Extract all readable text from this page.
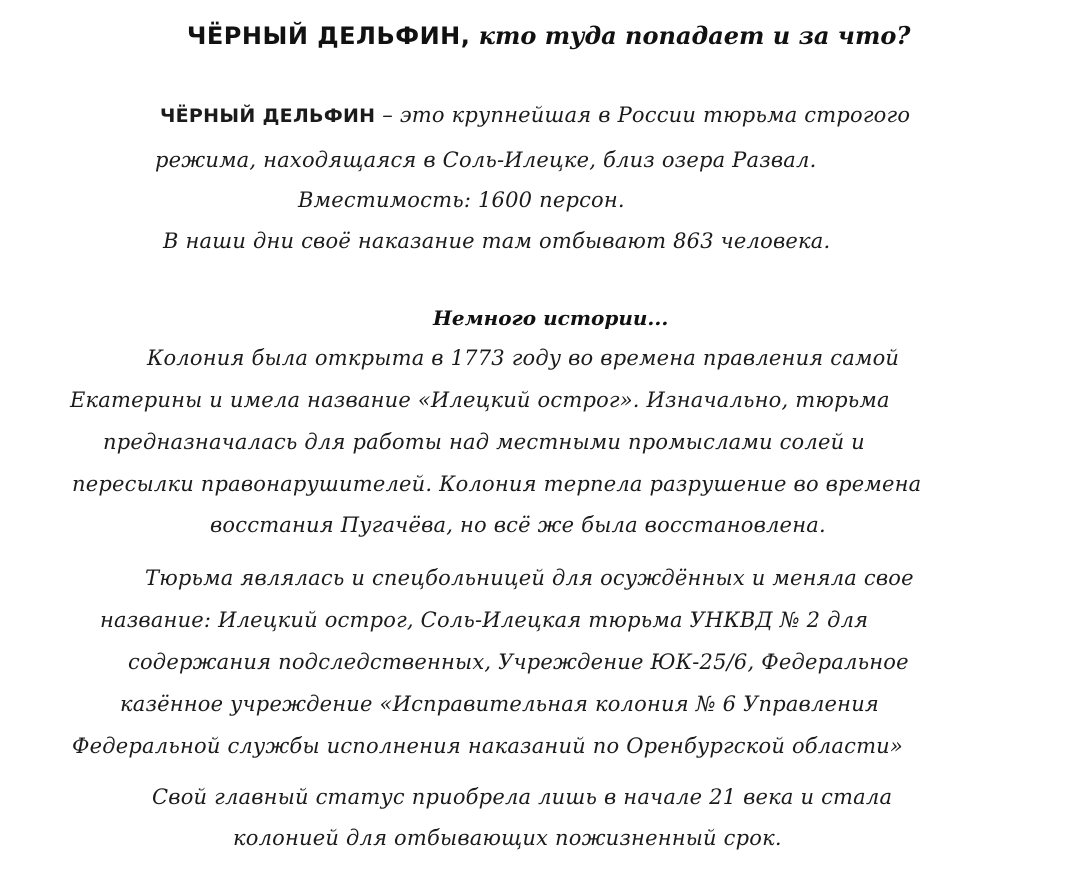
ЧЁРНЫЙ ДЕЛЬФИН, кто туда попадает и за что?
ЧЁРНЫЙ ДЕЛЬФИН – это крупнейшая в России тюрьма строгого
режима, находящаяся в Соль-Илецке, близ озера Развал.
Вместимость: 1600 персон.
В наши дни своё наказание там отбывают 863 человека.
Немного истории...
Колония была открыта в 1773 году во времена правления самой
Екатерины и имела название «Илецкий острог». Изначально, тюрьма
предназначалась для работы над местными промыслами солей и
пересылки правонарушителей. Колония терпела разрушение во времена
восстания Пугачёва, но всё же была восстановлена.
Тюрьма являлась и спецбольницей для осуждённых и меняла свое
название: Илецкий острог, Соль-Илецкая тюрьма УНКВД № 2 для
содержания подследственных, Учреждение ЮК-25/6, Федеральное
казённое учреждение «Исправительная колония № 6 Управления
Федеральной службы исполнения наказаний по Оренбургской области»
Свой главный статус приобрела лишь в начале 21 века и стала
колонией для отбывающих пожизненный срок.
